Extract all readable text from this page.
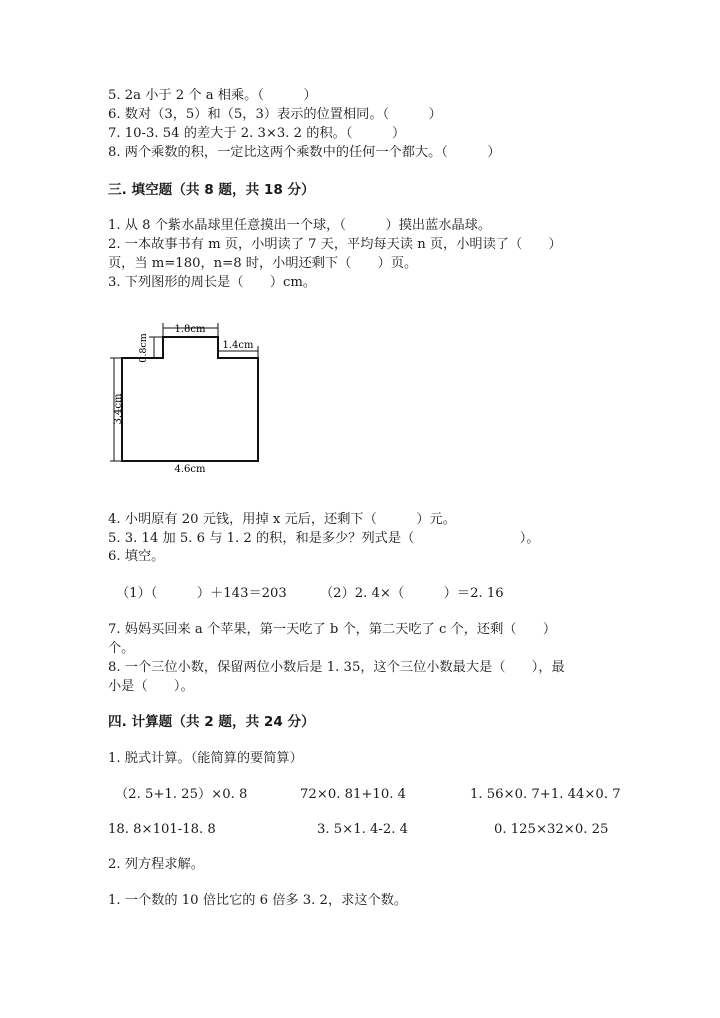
5. 2a 小于 2 个 a 相乘。（　　　）
6. 数对（3，5）和（5，3）表示的位置相同。（　　　）
7. 10-3. 54 的差大于 2. 3×3. 2 的积。（　　　）
8. 两个乘数的积，一定比这两个乘数中的任何一个都大。（　　　）
三. 填空题（共 8 题，共 18 分）
1. 从 8 个紫水晶球里任意摸出一个球，（　　　）摸出蓝水晶球。
2. 一本故事书有 m 页，小明读了 7 天，平均每天读 n 页，小明读了（　　）
页，当 m=180，n=8 时，小明还剩下（　　）页。
3. 下列图形的周长是（　　）cm。
1.8cm
0.8cm	1.4cm
3.4cm
4.6cm
4. 小明原有 20 元钱，用掉 x 元后，还剩下（　　　）元。
5. 3. 14 加 5. 6 与 1. 2 的积，和是多少？列式是（　　　　　　　　）。
6. 填空。
（1）（　　　）＋143＝203	（2）2. 4×（　　　）＝2. 16
7. 妈妈买回来 a 个苹果，第一天吃了 b 个，第二天吃了 c 个，还剩（　　）
个。
8. 一个三位小数，保留两位小数后是 1. 35，这个三位小数最大是（　　），最
小是（　　）。
四. 计算题（共 2 题，共 24 分）
1. 脱式计算。（能简算的要简算）
（2. 5+1. 25）×0. 8	72×0. 81+10. 4	1. 56×0. 7+1. 44×0. 7
18. 8×101-18. 8	3. 5×1. 4-2. 4	0. 125×32×0. 25
2. 列方程求解。
1. 一个数的 10 倍比它的 6 倍多 3. 2，求这个数。
